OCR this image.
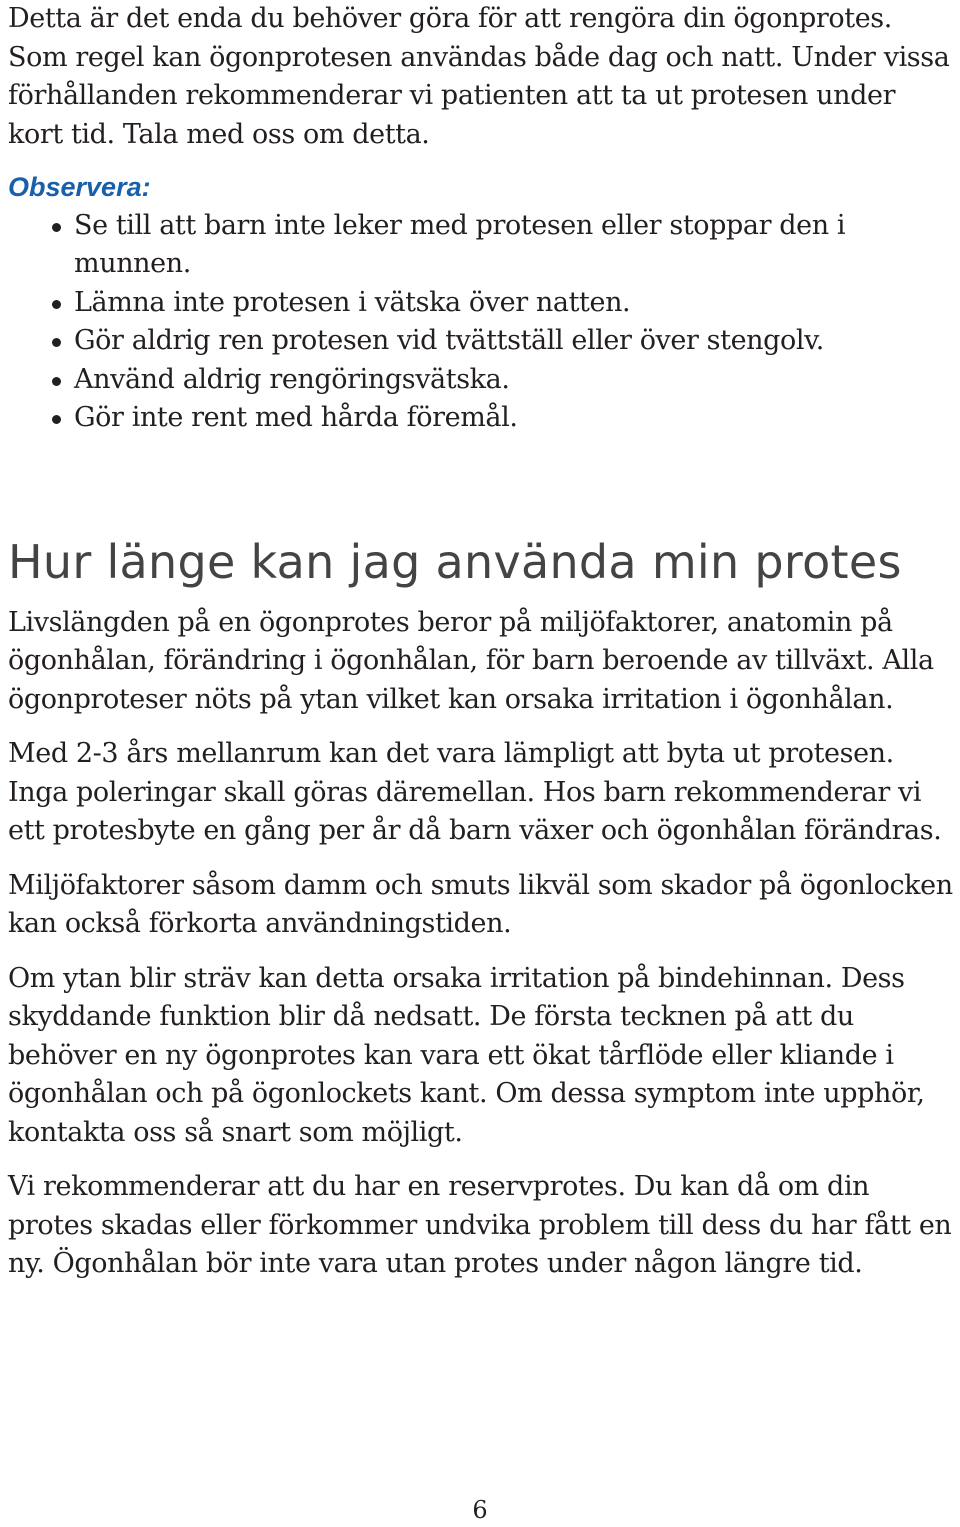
Detta är det enda du behöver göra för att rengöra din ögonprotes. Som regel kan ögonprotesen användas både dag och natt. Under vissa förhållanden rekommenderar vi patienten att ta ut protesen under kort tid. Tala med oss om detta.

Observera:

Se till att barn inte leker med protesen eller stoppar den i munnen.
Lämna inte protesen i vätska över natten.
Gör aldrig ren protesen vid tvättställ eller över stengolv.
Använd aldrig rengöringsvätska.
Gör inte rent med hårda föremål.
Hur länge kan jag använda min protes

Livslängden på en ögonprotes beror på miljöfaktorer, anatomin på ögonhålan, förändring i ögonhålan, för barn beroende av tillväxt. Alla ögonproteser nöts på ytan vilket kan orsaka irritation i ögonhålan.

Med 2-3 års mellanrum kan det vara lämpligt att byta ut protesen. Inga poleringar skall göras däremellan. Hos barn rekommenderar vi ett protesbyte en gång per år då barn växer och ögonhålan förändras.

Miljöfaktorer såsom damm och smuts likväl som skador på ögonlocken kan också förkorta användningstiden.

Om ytan blir sträv kan detta orsaka irritation på bindehinnan. Dess skyddande funktion blir då nedsatt. De första tecknen på att du behöver en ny ögonprotes kan vara ett ökat tårflöde eller kliande i ögonhålan och på ögonlockets kant. Om dessa symptom inte upphör, kontakta oss så snart som möjligt.

Vi rekommenderar att du har en reservprotes. Du kan då om din protes skadas eller förkommer undvika problem till dess du har fått en ny. Ögonhålan bör inte vara utan protes under någon längre tid.

6
